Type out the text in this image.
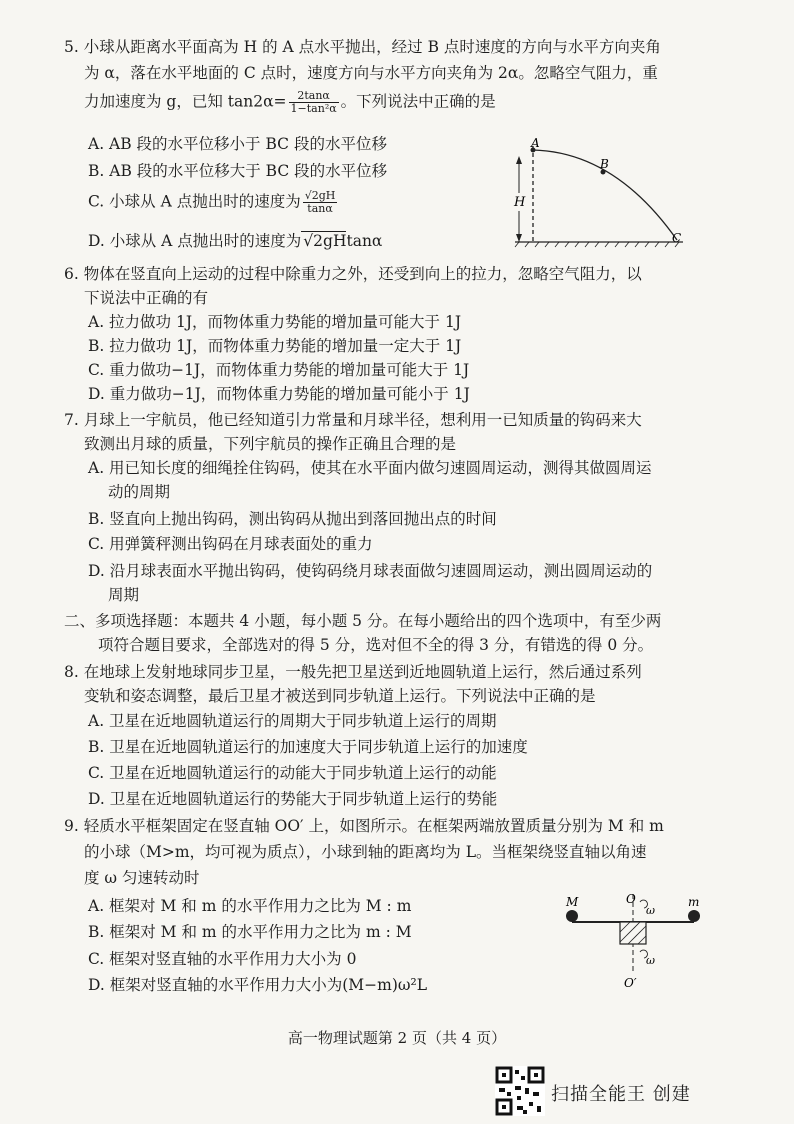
5. 小球从距离水平面高为 H 的 A 点水平抛出，经过 B 点时速度的方向与水平方向夹角
为 α，落在水平地面的 C 点时，速度方向与水平方向夹角为 2α。忽略空气阻力，重
力加速度为 g，已知 $\tan 2\alpha= \frac{2\tan\alpha}{\text{1−tan²α}}$ 。下列说法中正确的是
A. AB 段的水平位移小于 BC 段的水平位移
B. AB 段的水平位移大于 BC 段的水平位移
C. 小球从 A 点抛出时的速度为 $\frac{√2gH}{\tan\alpha}$
D. 小球从 A 点抛出时的速度为 √2gHtanα
H
A
B
C
6. 物体在竖直向上运动的过程中除重力之外，还受到向上的拉力，忽略空气阻力，以
下说法中正确的有
A. 拉力做功 1J，而物体重力势能的增加量可能大于 1J
B. 拉力做功 1J，而物体重力势能的增加量一定大于 1J
C. 重力做功−1J，而物体重力势能的增加量可能大于 1J
D. 重力做功−1J，而物体重力势能的增加量可能小于 1J
7. 月球上一宇航员，他已经知道引力常量和月球半径，想利用一已知质量的钩码来大
致测出月球的质量，下列宇航员的操作正确且合理的是
A. 用已知长度的细绳拴住钩码，使其在水平面内做匀速圆周运动，测得其做圆周运
动的周期
B. 竖直向上抛出钩码，测出钩码从抛出到落回抛出点的时间
C. 用弹簧秤测出钩码在月球表面处的重力
D. 沿月球表面水平抛出钩码，使钩码绕月球表面做匀速圆周运动，测出圆周运动的
周期
二、多项选择题：本题共 4 小题，每小题 5 分。在每小题给出的四个选项中，有至少两
项符合题目要求，全部选对的得 5 分，选对但不全的得 3 分，有错选的得 0 分。
8. 在地球上发射地球同步卫星，一般先把卫星送到近地圆轨道上运行，然后通过系列
变轨和姿态调整，最后卫星才被送到同步轨道上运行。下列说法中正确的是
A. 卫星在近地圆轨道运行的周期大于同步轨道上运行的周期
B. 卫星在近地圆轨道运行的加速度大于同步轨道上运行的加速度
C. 卫星在近地圆轨道运行的动能大于同步轨道上运行的动能
D. 卫星在近地圆轨道运行的势能大于同步轨道上运行的势能
9. 轻质水平框架固定在竖直轴 OO′ 上，如图所示。在框架两端放置质量分别为 M 和 m
的小球（M>m，均可视为质点），小球到轴的距离均为 L。当框架绕竖直轴以角速
度 ω 匀速转动时
A. 框架对 M 和 m 的水平作用力之比为 M : m
B. 框架对 M 和 m 的水平作用力之比为 m : M
C. 框架对竖直轴的水平作用力大小为 0
D. 框架对竖直轴的水平作用力大小为(M−m)ω²L
O
ω
M	m
ω
O′
高一物理试题第 2 页（共 4 页）
扫描全能王 创建
